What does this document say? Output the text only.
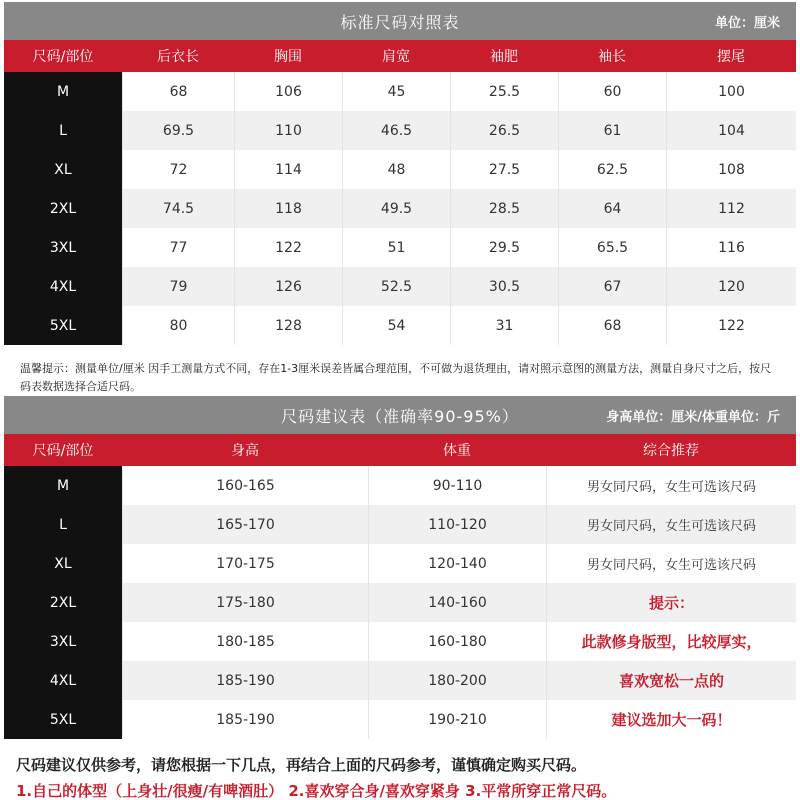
标准尺码对照表	单位：厘米
尺码/部位	后衣长	胸围	肩宽	袖肥	袖长	摆尾
M	68	106	45	25.5	60	100
L	69.5	110	46.5	26.5	61	104
XL	72	114	48	27.5	62.5	108
2XL	74.5	118	49.5	28.5	64	112
3XL	77	122	51	29.5	65.5	116
4XL	79	126	52.5	30.5	67	120
5XL	80	128	54	31	68	122
温馨提示：测量单位/厘米 因手工测量方式不同，存在1-3厘米误差皆属合理范围，不可做为退货理由，请对照示意图的测量方法，测量自身尺寸之后，按尺码表数据选择合适尺码。
尺码建议表（准确率90-95%）	身高单位：厘米/体重单位：斤
尺码/部位	身高	体重	综合推荐
M	160-165	90-110	男女同尺码，女生可选该尺码
L	165-170	110-120	男女同尺码，女生可选该尺码
XL	170-175	120-140	男女同尺码，女生可选该尺码
2XL	175-180	140-160	提示：
3XL	180-185	160-180	此款修身版型，比较厚实，
4XL	185-190	180-200	喜欢宽松一点的
5XL	185-190	190-210	建议选加大一码！
尺码建议仅供参考，请您根据一下几点，再结合上面的尺码参考，谨慎确定购买尺码。
1.自己的体型（上身壮/很瘦/有啤酒肚） 2.喜欢穿合身/喜欢穿紧身 3.平常所穿正常尺码。
